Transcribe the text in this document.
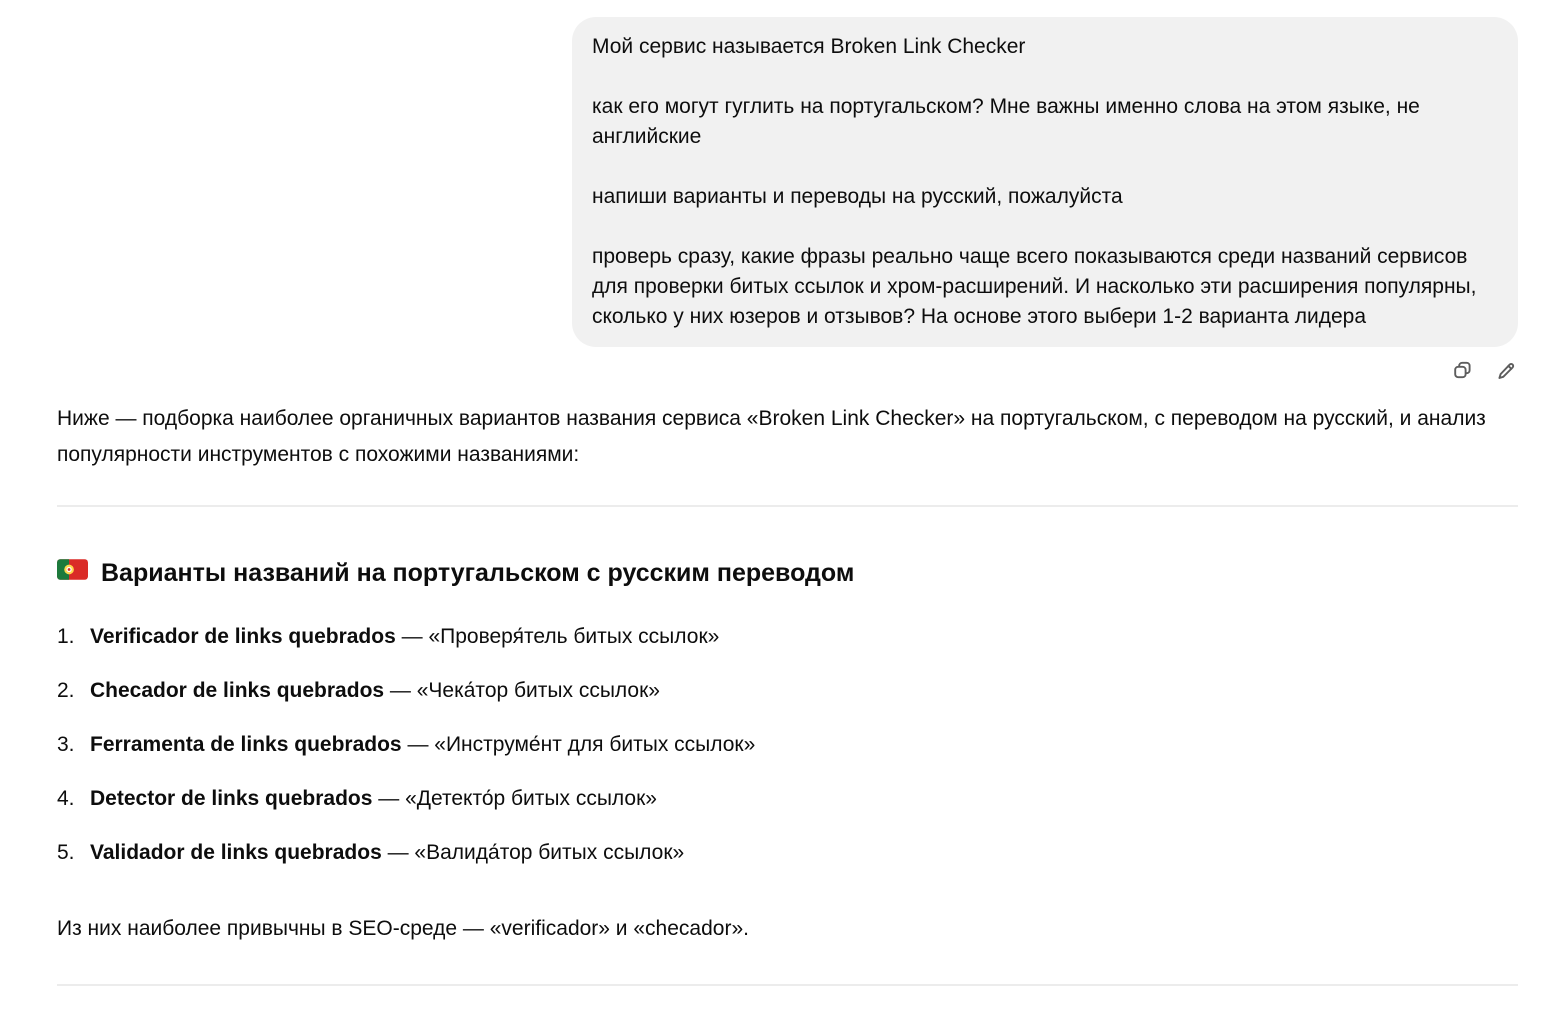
Мой сервис называется Broken Link Checker

как его могут гуглить на португальском? Мне важны именно слова на этом языке, не английские

напиши варианты и переводы на русский, пожалуйста

проверь сразу, какие фразы реально чаще всего показываются среди названий сервисов для проверки битых ссылок и хром-расширений. И насколько эти расширения популярны, сколько у них юзеров и отзывов? На основе этого выбери 1-2 варианта лидера

Ниже — подборка наиболее органичных вариантов названия сервиса «Broken Link Checker» на португальском, с переводом на русский, и анализ популярности инструментов с похожими названиями:

Варианты названий на португальском с русским переводом
1. Verificador de links quebrados — «Проверя́тель битых ссылок»
2. Checador de links quebrados — «Чека́тор битых ссылок»
3. Ferramenta de links quebrados — «Инструме́нт для битых ссылок»
4. Detector de links quebrados — «Детекто́р битых ссылок»
5. Validador de links quebrados — «Валида́тор битых ссылок»

Из них наиболее привычны в SEO-среде — «verificador» и «checador».
